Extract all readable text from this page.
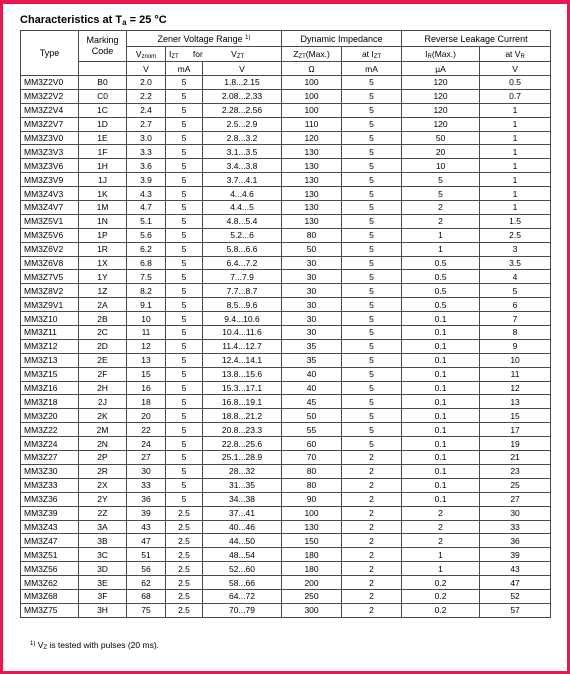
Characteristics at $T_a = 25$ °C
Type	Marking Code	Zener Voltage Range $^{1)}$			Dynamic Impedance		Reverse Leakage Current	
		Vznom	IZT for VZT		ZZT(Max.)	at IZT	IR(Max.)	at VR
		V	mA	V	Ω	mA	µA	V
MM3Z2V0	B0	2.0	5	1.8...2.15	100	5	120	0.5
MM3Z2V2	C0	2.2	5	2.08...2.33	100	5	120	0.7
MM3Z2V4	1C	2.4	5	2.28...2.56	100	5	120	1
MM3Z2V7	1D	2.7	5	2.5...2.9	110	5	120	1
MM3Z3V0	1E	3.0	5	2.8...3.2	120	5	50	1
MM3Z3V3	1F	3.3	5	3.1...3.5	130	5	20	1
MM3Z3V6	1H	3.6	5	3.4...3.8	130	5	10	1
MM3Z3V9	1J	3.9	5	3.7...4.1	130	5	5	1
MM3Z4V3	1K	4.3	5	4...4.6	130	5	5	1
MM3Z4V7	1M	4.7	5	4.4...5	130	5	2	1
MM3Z5V1	1N	5.1	5	4.8...5.4	130	5	2	1.5
MM3Z5V6	1P	5.6	5	5.2...6	80	5	1	2.5
MM3Z6V2	1R	6.2	5	5.8...6.6	50	5	1	3
MM3Z6V8	1X	6.8	5	6.4...7.2	30	5	0.5	3.5
MM3Z7V5	1Y	7.5	5	7...7.9	30	5	0.5	4
MM3Z8V2	1Z	8.2	5	7.7...8.7	30	5	0.5	5
MM3Z9V1	2A	9.1	5	8.5...9.6	30	5	0.5	6
MM3Z10	2B	10	5	9.4...10.6	30	5	0.1	7
MM3Z11	2C	11	5	10.4...11.6	30	5	0.1	8
MM3Z12	2D	12	5	11.4...12.7	35	5	0.1	9
MM3Z13	2E	13	5	12.4...14.1	35	5	0.1	10
MM3Z15	2F	15	5	13.8...15.6	40	5	0.1	11
MM3Z16	2H	16	5	15.3...17.1	40	5	0.1	12
MM3Z18	2J	18	5	16.8...19.1	45	5	0.1	13
MM3Z20	2K	20	5	18.8...21.2	50	5	0.1	15
MM3Z22	2M	22	5	20.8...23.3	55	5	0.1	17
MM3Z24	2N	24	5	22.8...25.6	60	5	0.1	19
MM3Z27	2P	27	5	25.1...28.9	70	2	0.1	21
MM3Z30	2R	30	5	28...32	80	2	0.1	23
MM3Z33	2X	33	5	31...35	80	2	0.1	25
MM3Z36	2Y	36	5	34...38	90	2	0.1	27
MM3Z39	2Z	39	2.5	37...41	100	2	2	30
MM3Z43	3A	43	2.5	40...46	130	2	2	33
MM3Z47	3B	47	2.5	44...50	150	2	2	36
MM3Z51	3C	51	2.5	48...54	180	2	1	39
MM3Z56	3D	56	2.5	52...60	180	2	1	43
MM3Z62	3E	62	2.5	58...66	200	2	0.2	47
MM3Z68	3F	68	2.5	64...72	250	2	0.2	52
MM3Z75	3H	75	2.5	70...79	300	2	0.2	57
$^{1)}$ VZ is tested with pulses (20 ms).
